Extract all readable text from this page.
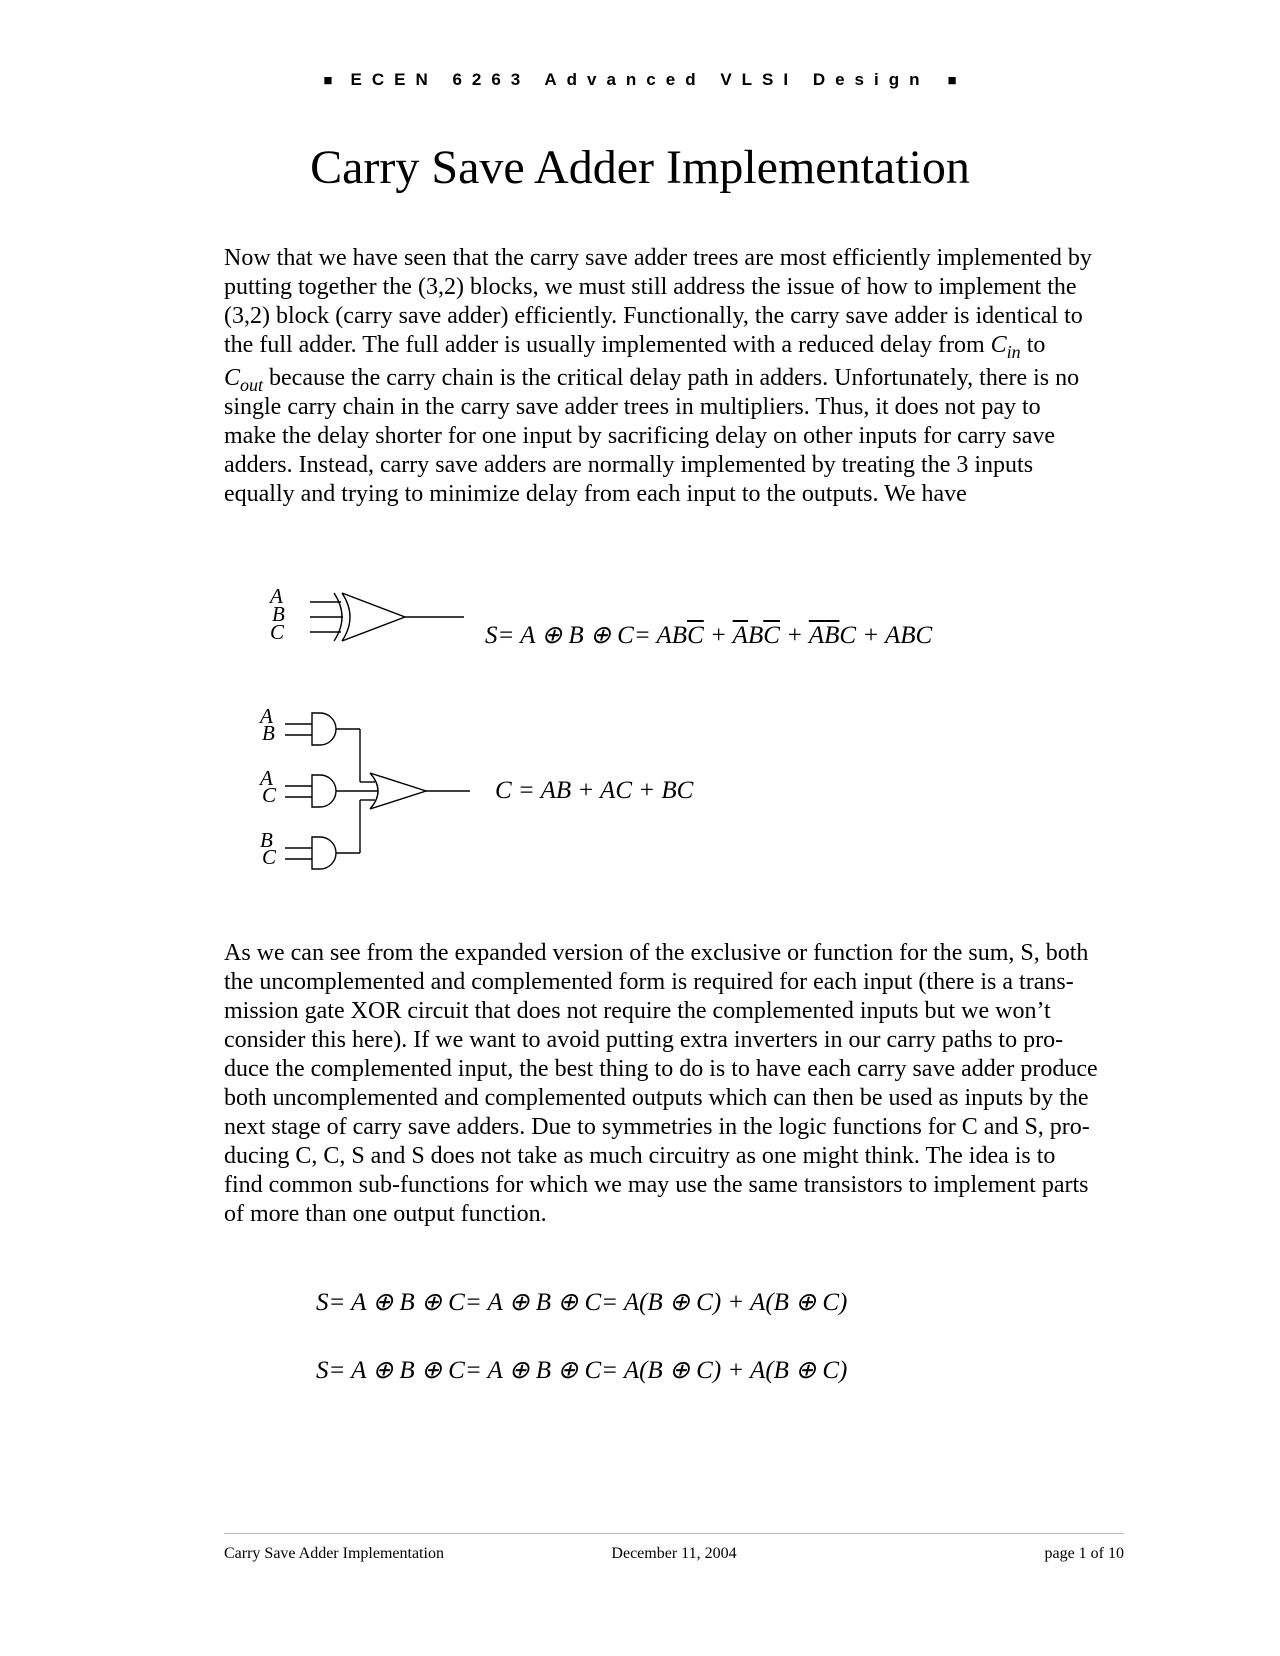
■ ECEN 6263 Advanced VLSI Design ■
Carry Save Adder Implementation

Now that we have seen that the carry save adder trees are most efficiently implemented by
putting together the (3,2) blocks, we must still address the issue of how to implement the
(3,2) block (carry save adder) efficiently. Functionally, the carry save adder is identical to
the full adder. The full adder is usually implemented with a reduced delay from $C_{in}$ to
$C_{out}$ because the carry chain is the critical delay path in adders. Unfortunately, there is no
single carry chain in the carry save adder trees in multipliers. Thus, it does not pay to
make the delay shorter for one input by sacrificing delay on other inputs for carry save
adders. Instead, carry save adders are normally implemented by treating the 3 inputs
equally and trying to minimize delay from each input to the outputs. We have

A
B
C
A
B
A
C
B
C
S= A ⊕ B ⊕ $C= AB\overline{C} + \overline{A}B\overline{C} + \overline{A}\overline{B}C$ + ABC
C = AB + AC + BC

As we can see from the expanded version of the exclusive or function for the sum, S, both
the uncomplemented and complemented form is required for each input (there is a trans-
mission gate XOR circuit that does not require the complemented inputs but we won’t
consider this here). If we want to avoid putting extra inverters in our carry paths to pro-
duce the complemented input, the best thing to do is to have each carry save adder produce
both uncomplemented and complemented outputs which can then be used as inputs by the
next stage of carry save adders. Due to symmetries in the logic functions for C and S, pro-
ducing C, C, S and S does not take as much circuitry as one might think. The idea is to
find common sub-functions for which we may use the same transistors to implement parts
of more than one output function.

S= A ⊕ B ⊕ C= A ⊕ B ⊕ C= A(B ⊕ C) + A(B ⊕ C)
S= A ⊕ B ⊕ C= A ⊕ B ⊕ C= A(B ⊕ C) + A(B ⊕ C)
Carry Save Adder Implementation	December 11, 2004	page 1 of 10
